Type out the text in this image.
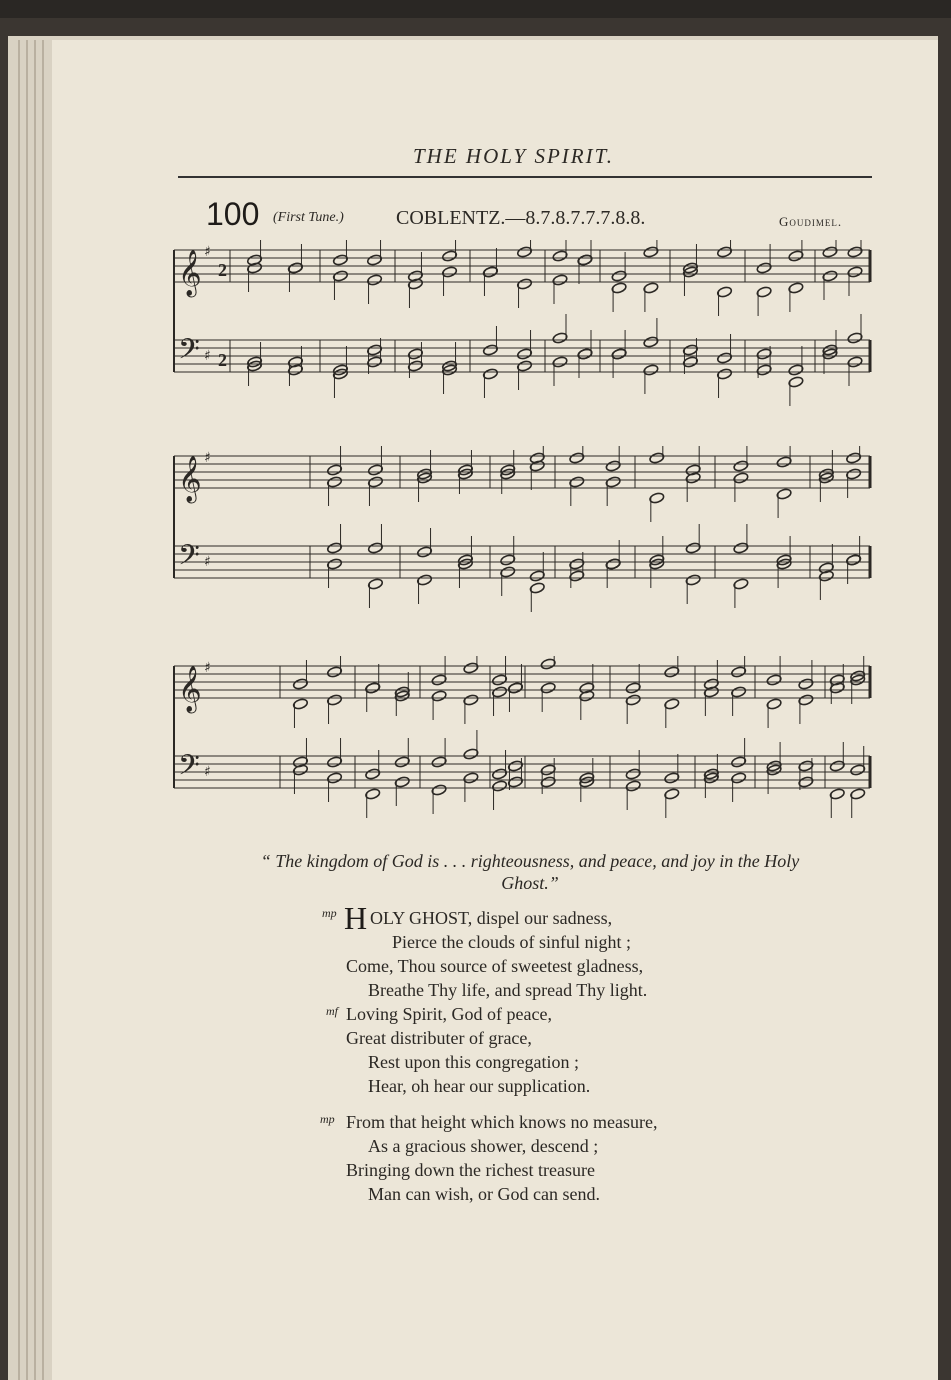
THE HOLY SPIRIT.
100 (First Tune.)	COBLENTZ.—8.7.8.7.7.7.8.8.	Goudimel.
𝄞 ♯
2
𝄢 ♯ 2
𝄞 ♯
𝄢 ♯
𝄞 ♯
𝄢 ♯
“ The kingdom of God is . . . righteousness, and peace, and joy in the Holy
Ghost.”
mp H OLY GHOST, dispel our sadness,
Pierce the clouds of sinful night ;
Come, Thou source of sweetest gladness,
Breathe Thy life, and spread Thy light.
mf Loving Spirit, God of peace,
Great distributer of grace,
Rest upon this congregation ;
Hear, oh hear our supplication.
mp From that height which knows no measure,
As a gracious shower, descend ;
Bringing down the richest treasure
Man can wish, or God can send.
